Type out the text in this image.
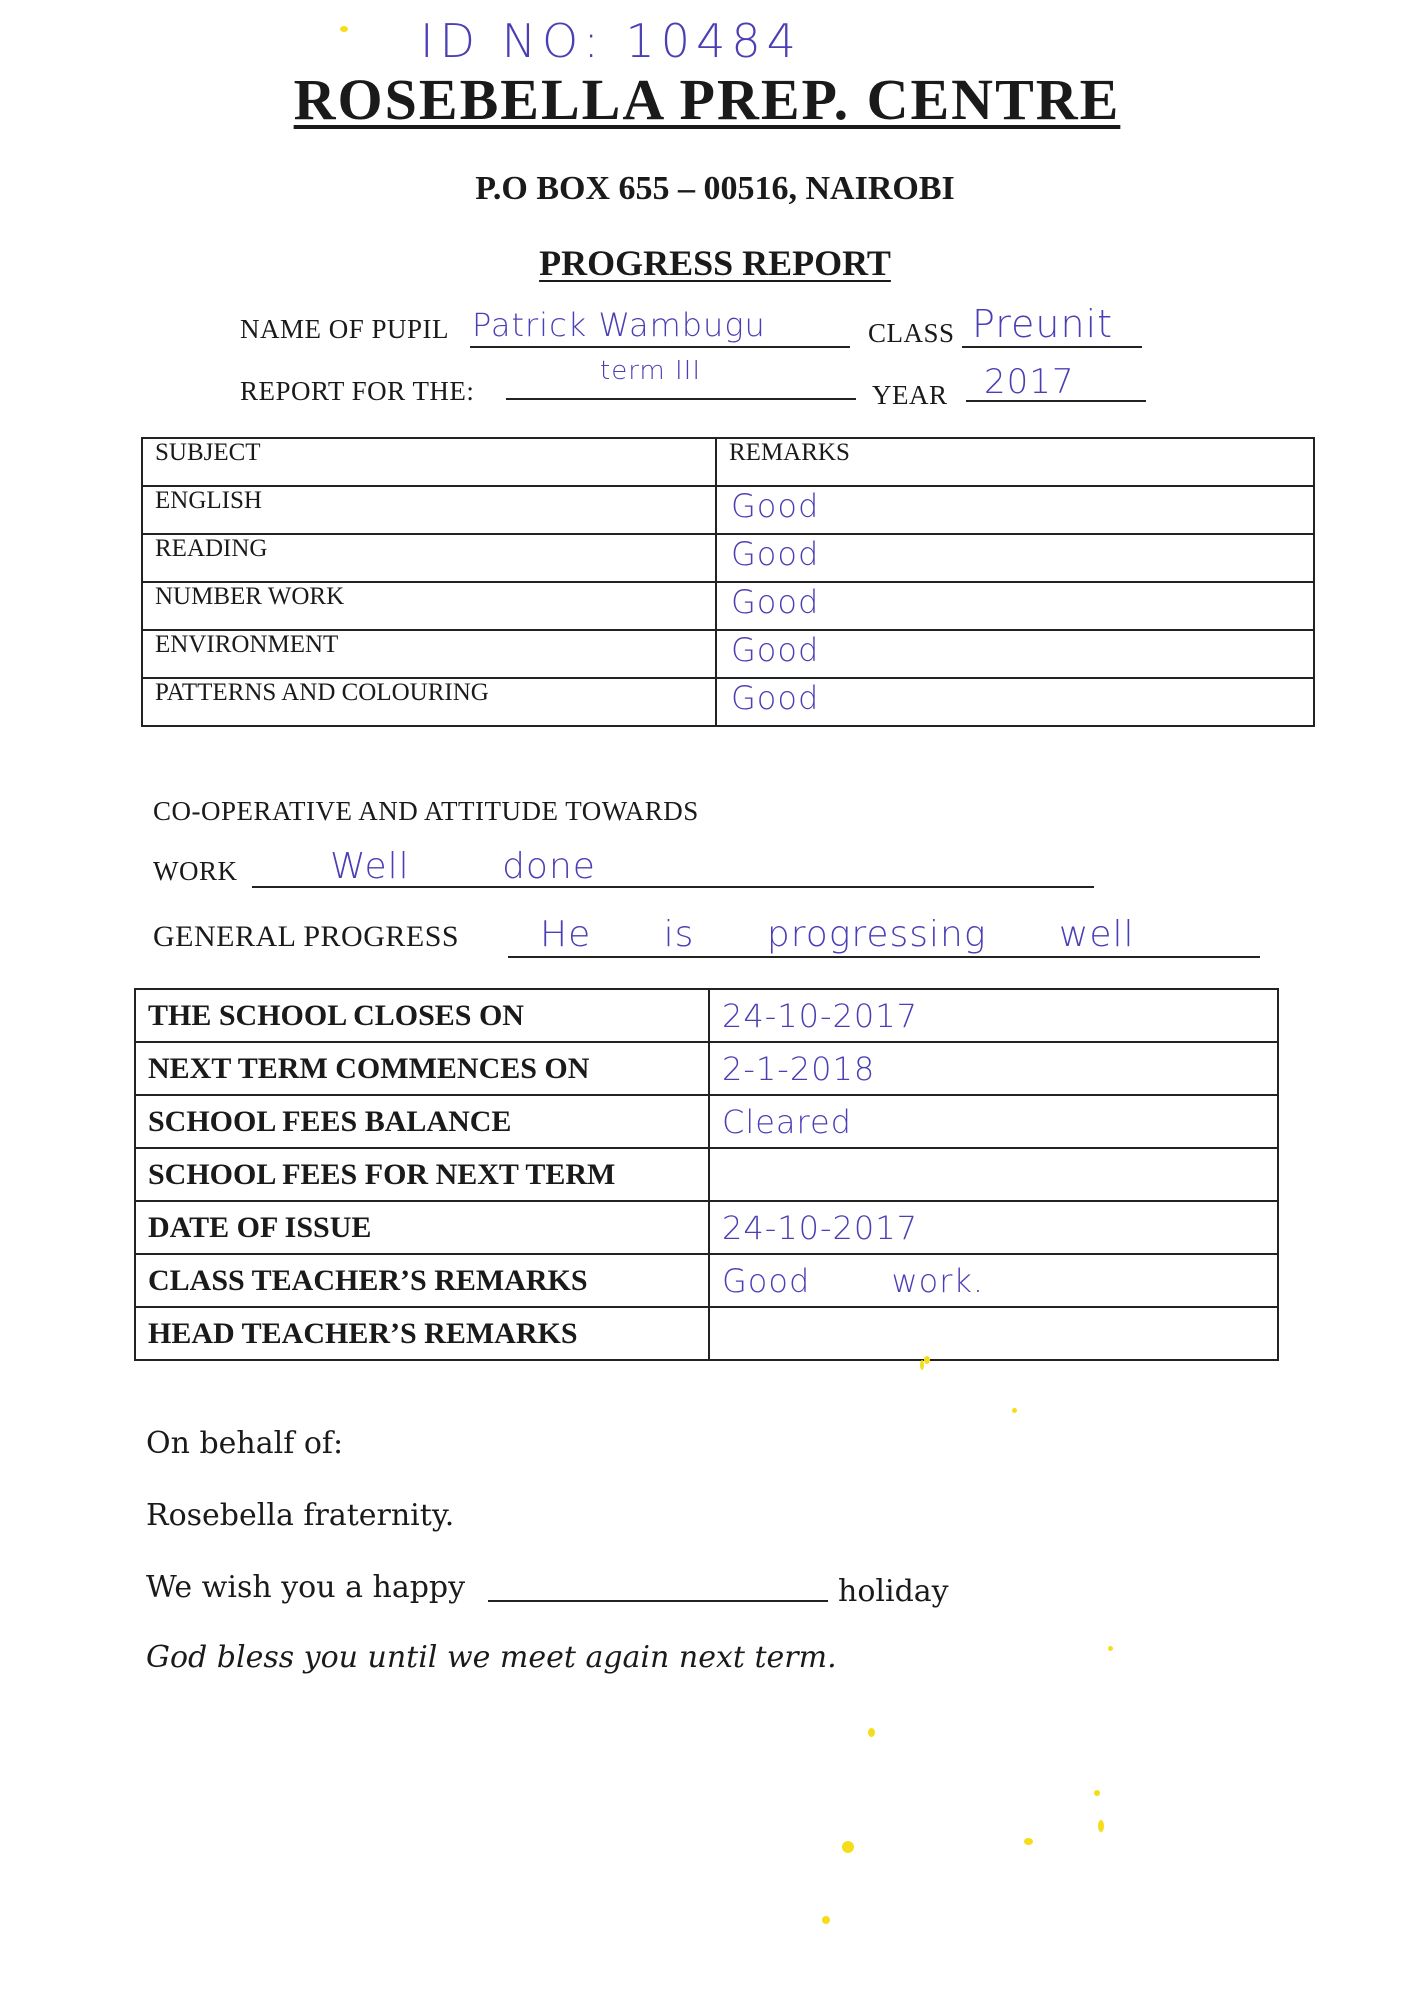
ID NO: 10484
ROSEBELLA PREP. CENTRE
P.O BOX 655 – 00516, NAIROBI
PROGRESS REPORT
NAME OF PUPIL Patrick Wambugu	CLASS Preunit
REPORT FOR THE:
term III
YEAR 2017
SUBJECT	REMARKS
ENGLISH	Good
READING	Good
NUMBER WORK	Good
ENVIRONMENT	Good
PATTERNS AND COLOURING	Good
CO-OPERATIVE AND ATTITUDE TOWARDS
WORK	Well done
GENERAL PROGRESS He is progressing well
THE SCHOOL CLOSES ON	24-10-2017
NEXT TERM COMMENCES ON	2-1-2018
SCHOOL FEES BALANCE	Cleared
SCHOOL FEES FOR NEXT TERM	
DATE OF ISSUE	24-10-2017
CLASS TEACHER’S REMARKS	Good work.
HEAD TEACHER’S REMARKS	
On behalf of:
Rosebella fraternity.
We wish you a happy	holiday
God bless you until we meet again next term.
